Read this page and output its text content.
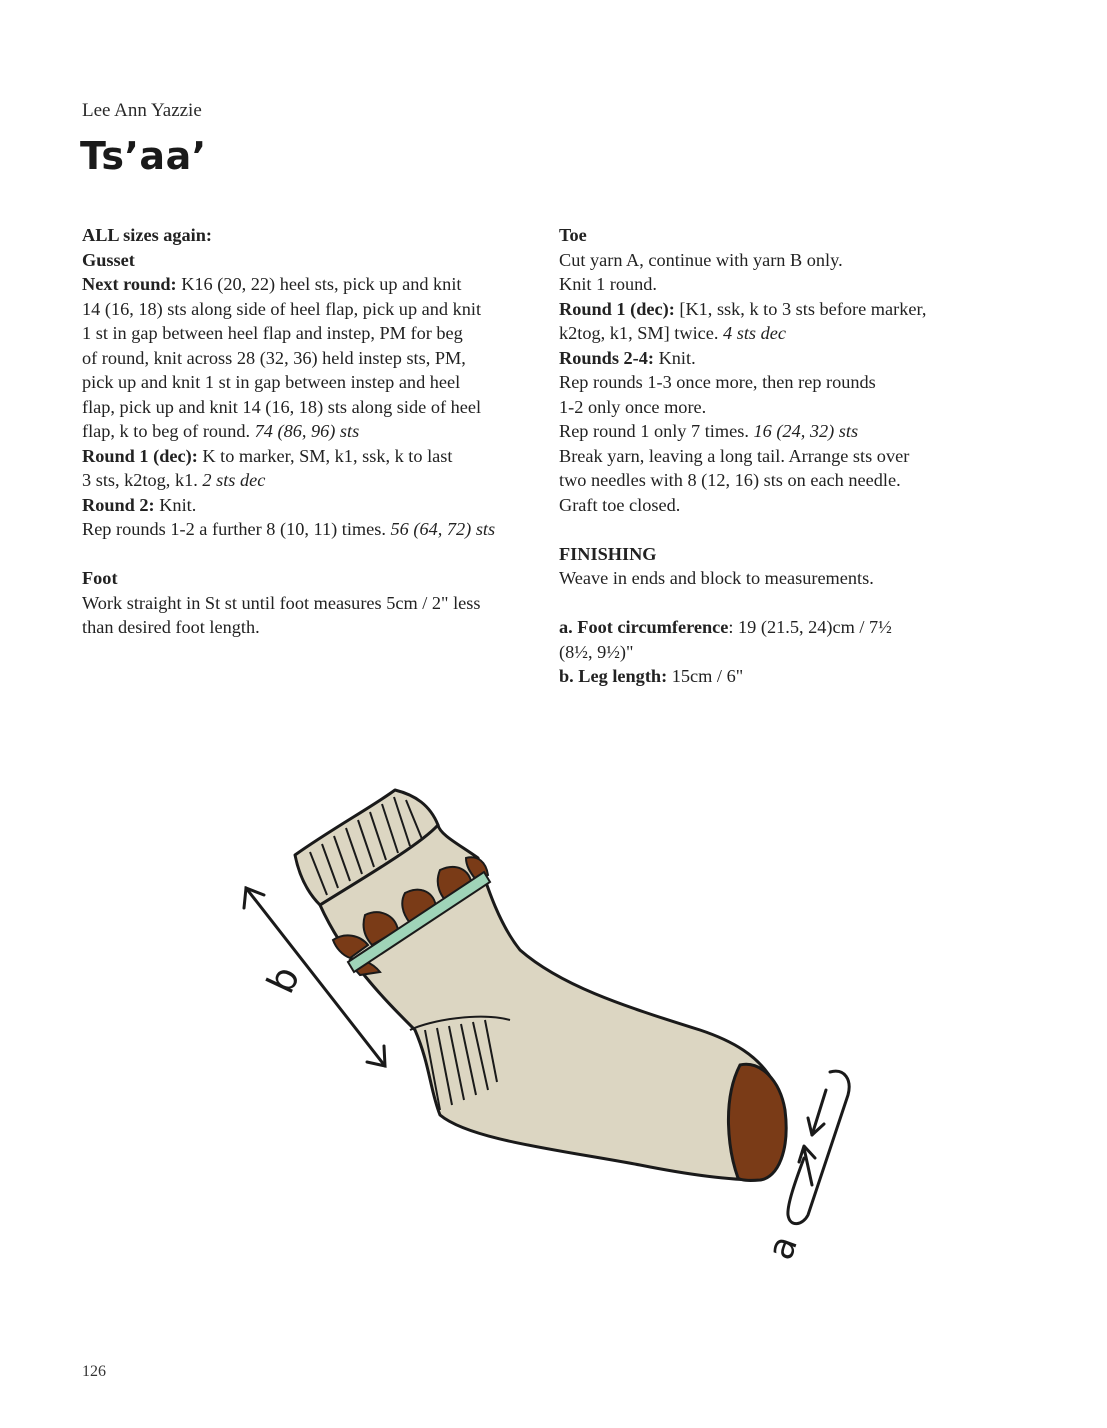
Lee Ann Yazzie
Ts’aa’

ALL sizes again:

Gusset

Next round: K16 (20, 22) heel sts, pick up and knit

14 (16, 18) sts along side of heel flap, pick up and knit

1 st in gap between heel flap and instep, PM for beg

of round, knit across 28 (32, 36) held instep sts, PM,

pick up and knit 1 st in gap between instep and heel

flap, pick up and knit 14 (16, 18) sts along side of heel

flap, k to beg of round. 74 (86, 96) sts

Round 1 (dec): K to marker, SM, k1, ssk, k to last

3 sts, k2tog, k1. 2 sts dec

Round 2: Knit.

Rep rounds 1-2 a further 8 (10, 11) times. 56 (64, 72) sts

Foot

Work straight in St st until foot measures 5cm / 2" less

than desired foot length.

Toe

Cut yarn A, continue with yarn B only.

Knit 1 round.

Round 1 (dec): [K1, ssk, k to 3 sts before marker,

k2tog, k1, SM] twice. 4 sts dec

Rounds 2-4: Knit.

Rep rounds 1-3 once more, then rep rounds

1-2 only once more.

Rep round 1 only 7 times. 16 (24, 32) sts

Break yarn, leaving a long tail. Arrange sts over

two needles with 8 (12, 16) sts on each needle.

Graft toe closed.

FINISHING

Weave in ends and block to measurements.

a. Foot circumference: 19 (21.5, 24)cm / 7½

(8½, 9½)"

b. Leg length: 15cm / 6"

b
a
126
